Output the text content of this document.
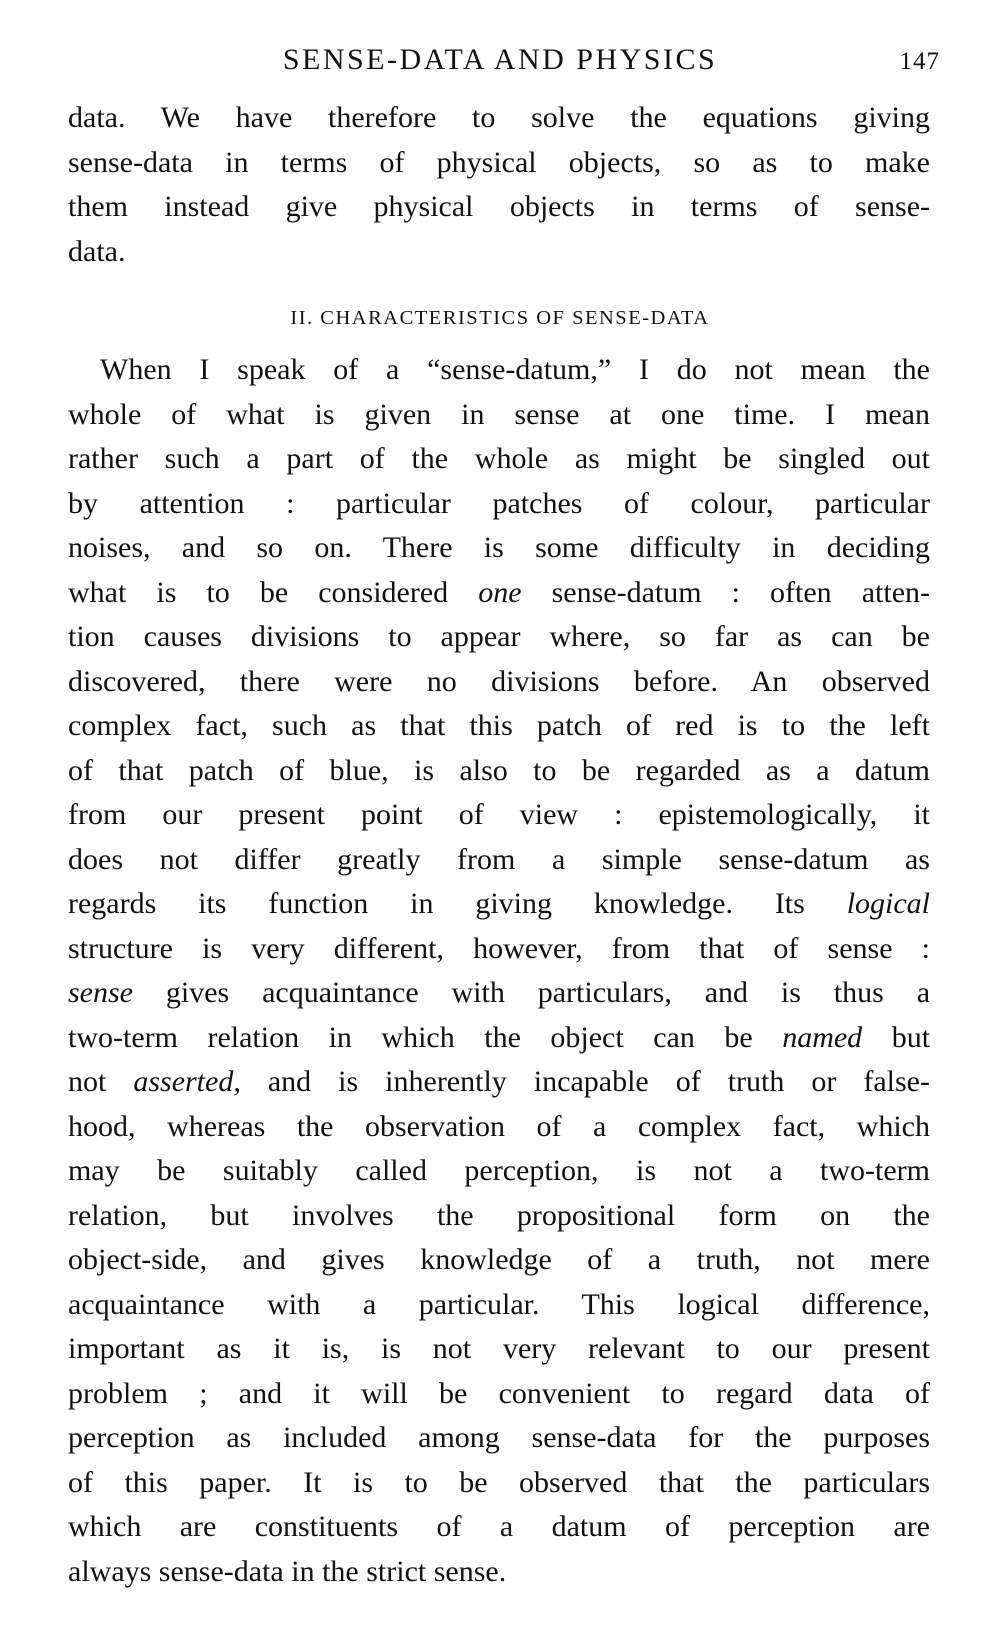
SENSE-DATA AND PHYSICS	147
data. We have therefore to solve the equations giving
sense-data in terms of physical objects, so as to make
them instead give physical objects in terms of sense-
data.
II. CHARACTERISTICS OF SENSE-DATA
When I speak of a “sense-datum,” I do not mean the
whole of what is given in sense at one time. I mean
rather such a part of the whole as might be singled out
by attention : particular patches of colour, particular
noises, and so on. There is some difficulty in deciding
what is to be considered one sense-datum : often atten-
tion causes divisions to appear where, so far as can be
discovered, there were no divisions before. An observed
complex fact, such as that this patch of red is to the left
of that patch of blue, is also to be regarded as a datum
from our present point of view : epistemologically, it
does not differ greatly from a simple sense-datum as
regards its function in giving knowledge. Its logical
structure is very different, however, from that of sense :
sense gives acquaintance with particulars, and is thus a
two-term relation in which the object can be named but
not asserted, and is inherently incapable of truth or false-
hood, whereas the observation of a complex fact, which
may be suitably called perception, is not a two-term
relation, but involves the propositional form on the
object-side, and gives knowledge of a truth, not mere
acquaintance with a particular. This logical difference,
important as it is, is not very relevant to our present
problem ; and it will be convenient to regard data of
perception as included among sense-data for the purposes
of this paper. It is to be observed that the particulars
which are constituents of a datum of perception are
always sense-data in the strict sense.
